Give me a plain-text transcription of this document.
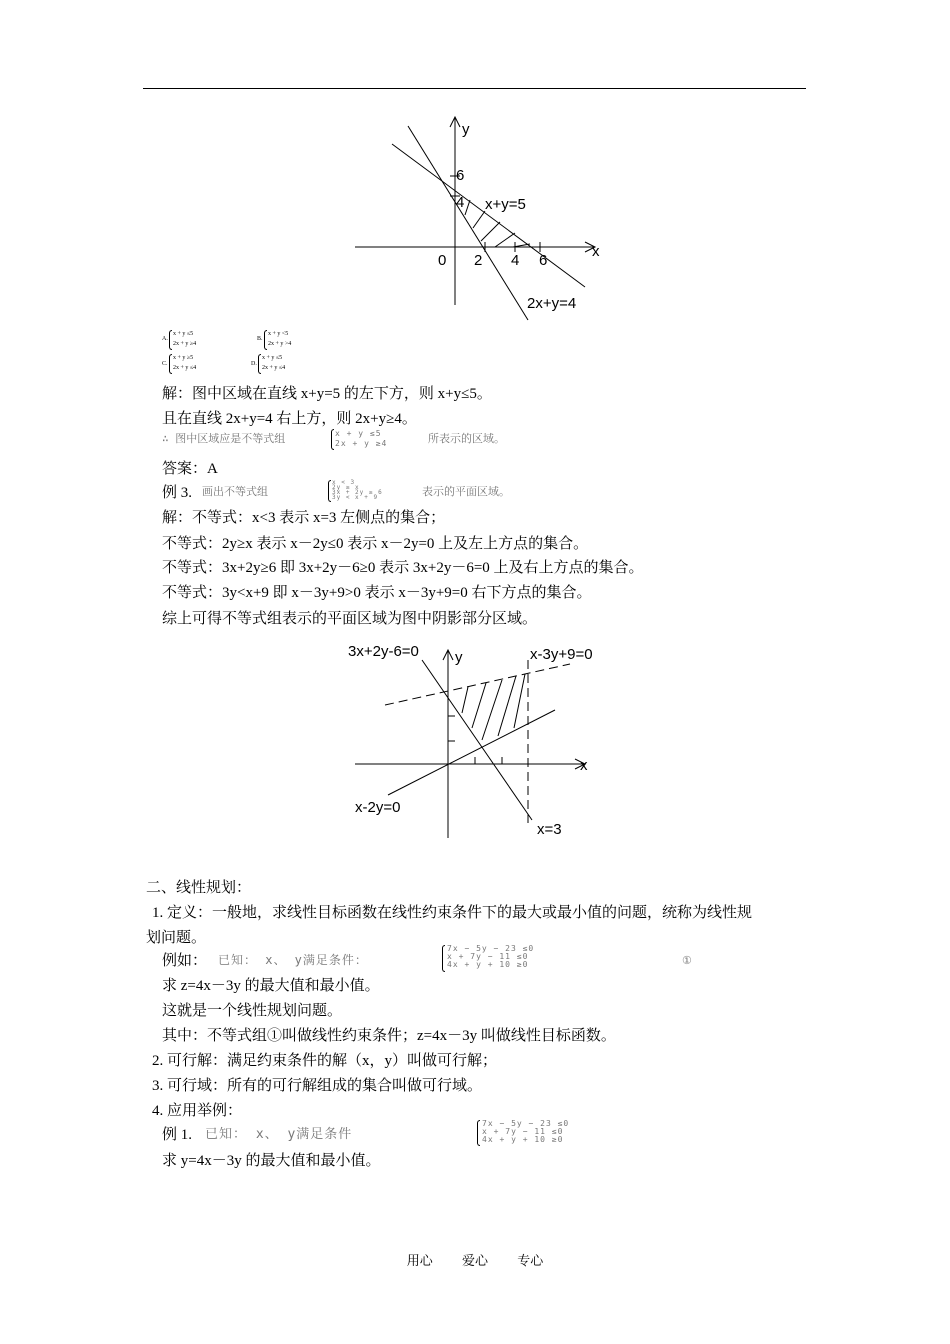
y
6
4 x+y=5
x
0 2 4 6
2x+y=4
A.
x + y ≤5
2x + y ≥4
B.
x + y <5
2x + y >4
C.
x + y ≥5
2x + y ≤4
D.
x + y ≤5
2x + y ≤4
解：图中区域在直线 x+y=5 的左下方，则 x+y≤5。
且在直线 2x+y=4 右上方，则 2x+y≥4。
∴ 图中区域应是不等式组	x + y ≤5
2x + y ≥4	所表示的区域。
答案：A
例 3. 画出不等式组
x < 3
2y ≥ x
3x + 2y ≥ 6
3y < x + 9	表示的平面区域。
解：不等式：x<3 表示 x=3 左侧点的集合；
不等式：2y≥x 表示 x－2y≤0 表示 x－2y=0 上及左上方点的集合。
不等式：3x+2y≥6 即 3x+2y－6≥0 表示 3x+2y－6=0 上及右上方点的集合。
不等式：3y<x+9 即 x－3y+9>0 表示 x－3y+9=0 右下方点的集合。
综上可得不等式组表示的平面区域为图中阴影部分区域。
3x+2y-6=0 y	x-3y+9=0
x
x-2y=0
x=3
二、线性规划：
1. 定义：一般地，求线性目标函数在线性约束条件下的最大或最小值的问题，统称为线性规
划问题。
例如： 已知： x、 y满足条件：
7x − 5y − 23 ≤0
x + 7y − 11 ≤0
4x + y + 10 ≥0	①
求 z=4x－3y 的最大值和最小值。
这就是一个线性规划问题。
其中：不等式组①叫做线性约束条件；z=4x－3y 叫做线性目标函数。
2. 可行解：满足约束条件的解（x，y）叫做可行解；
3. 可行域：所有的可行解组成的集合叫做可行域。
4. 应用举例：
例 1. 已知： x、 y满足条件
7x − 5y − 23 ≤0
x + 7y − 11 ≤0
4x + y + 10 ≥0
求 y=4x－3y 的最大值和最小值。
用心 爱心 专心
